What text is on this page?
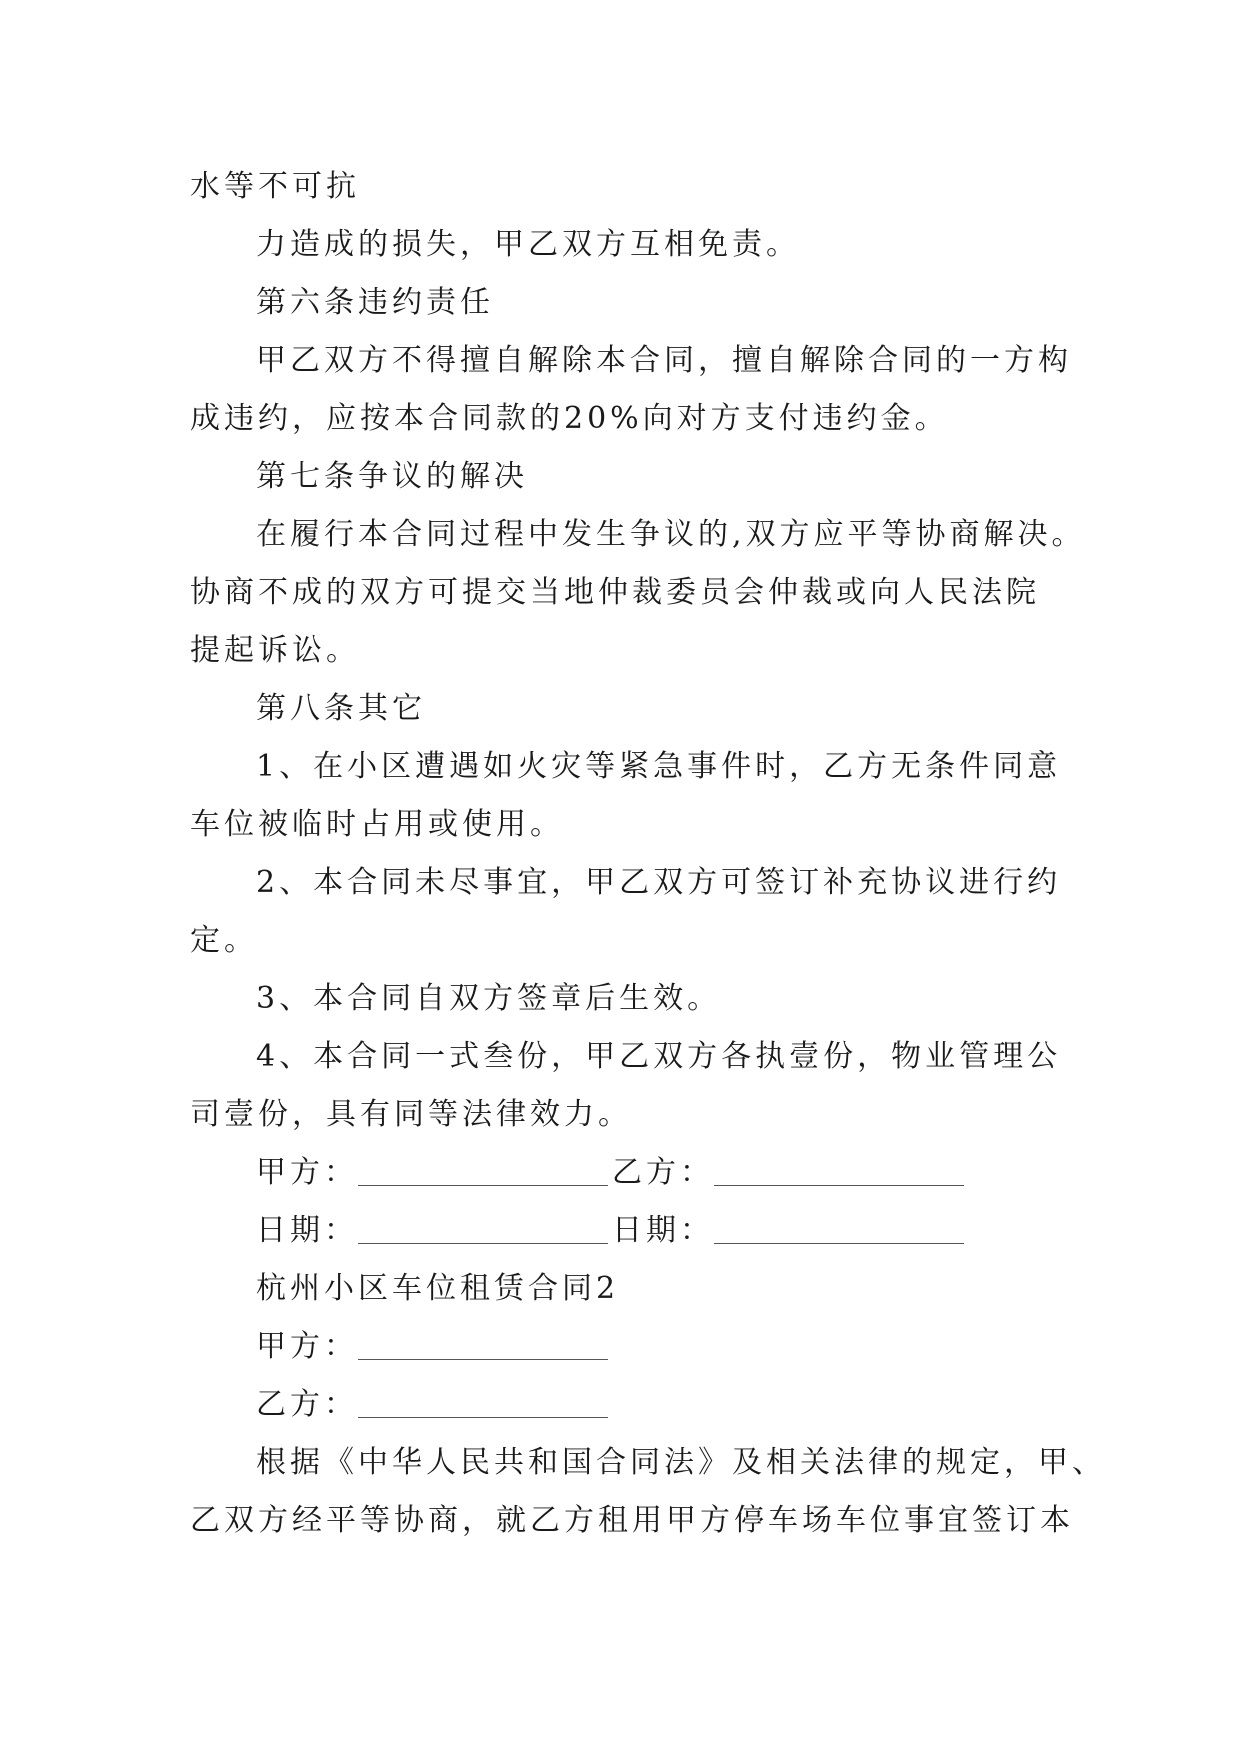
水等不可抗
力造成的损失，甲乙双方互相免责。
第六条违约责任
甲乙双方不得擅自解除本合同，擅自解除合同的一方构
成违约，应按本合同款的20%向对方支付违约金。
第七条争议的解决
在履行本合同过程中发生争议的,双方应平等协商解决。
协商不成的双方可提交当地仲裁委员会仲裁或向人民法院
提起诉讼。
第八条其它
1、在小区遭遇如火灾等紧急事件时，乙方无条件同意
车位被临时占用或使用。
2、本合同未尽事宜，甲乙双方可签订补充协议进行约
定。
3、本合同自双方签章后生效。
4、本合同一式叁份，甲乙双方各执壹份，物业管理公
司壹份，具有同等法律效力。
甲方：	乙方：
日期：	日期：
杭州小区车位租赁合同2
甲方：
乙方：
根据《中华人民共和国合同法》及相关法律的规定，甲、
乙双方经平等协商，就乙方租用甲方停车场车位事宜签订本
